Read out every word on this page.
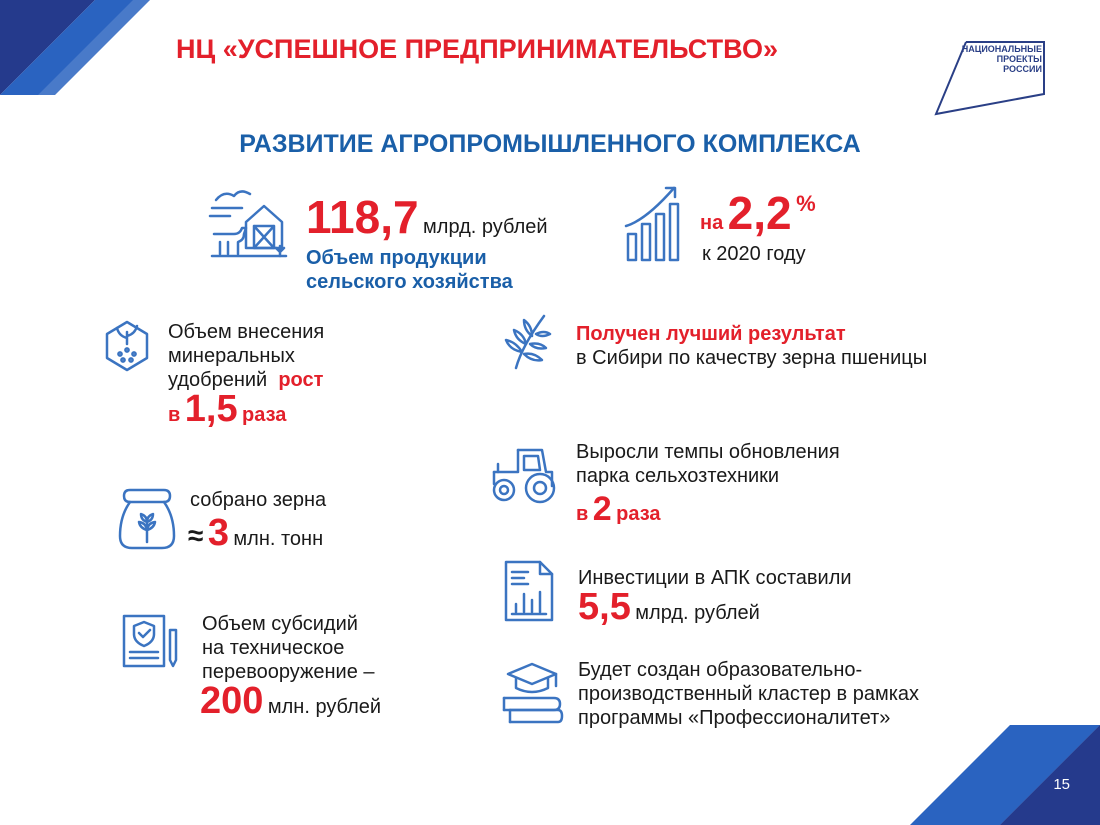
15
НЦ «УСПЕШНОЕ ПРЕДПРИНИМАТЕЛЬСТВО»	НАЦИОНАЛЬНЫЕ
ПРОЕКТЫ
РОССИИ
РАЗВИТИЕ АГРОПРОМЫШЛЕННОГО КОМПЛЕКСА
118,7 млрд. рублей
Объем продукции
сельского хозяйства
на 2,2 %
к 2020 году
Объем внесения
минеральных
удобрений рост
в 1,5 раза
Получен лучший результат
в Сибири по качеству зерна пшеницы
Выросли темпы обновления
парка сельхозтехники
в 2 раза
собрано зерна
≈ 3 млн. тонн
Инвестиции в АПК составили
5,5 млрд. рублей
Объем субсидий
на техническое
перевооружение –
200 млн. рублей
Будет создан образовательно-
производственный кластер в рамках
программы «Профессионалитет»
